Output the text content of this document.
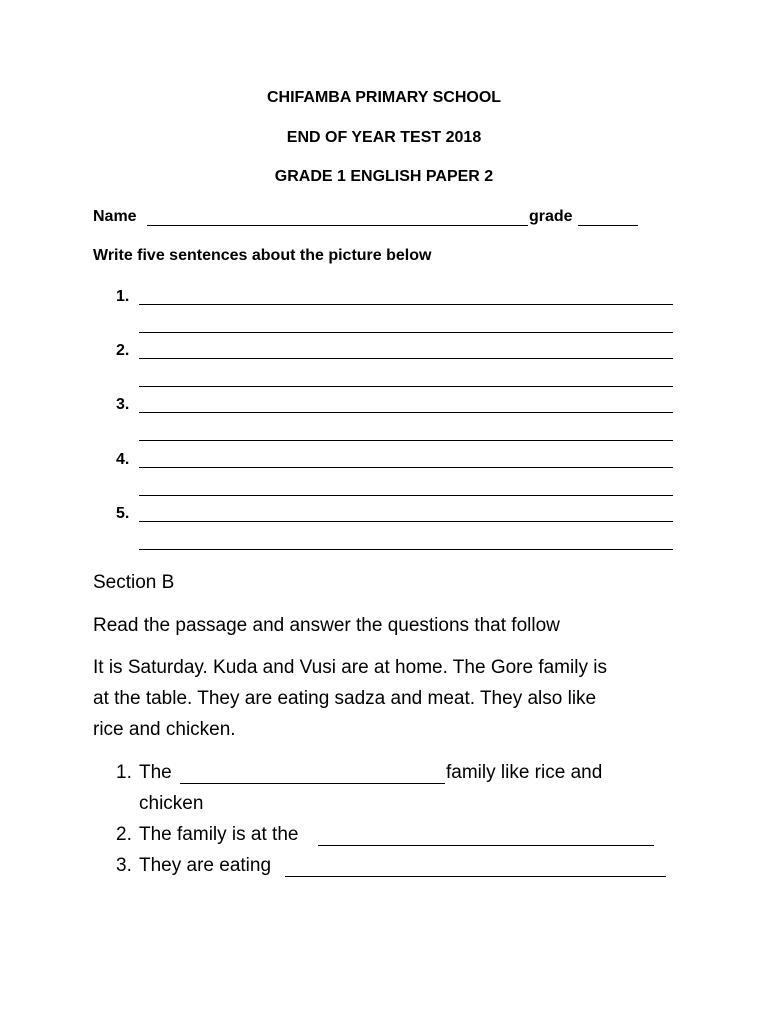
CHIFAMBA PRIMARY SCHOOL
END OF YEAR TEST 2018
GRADE 1 ENGLISH PAPER 2
Name	grade
Write five sentences about the picture below
1.
2.
3.
4.
5.
Section B
Read the passage and answer the questions that follow
It is Saturday. Kuda and Vusi are at home. The Gore family is
at the table. They are eating sadza and meat. They also like
rice and chicken.
1. The	family like rice and
chicken
2. The family is at the
3. They are eating
